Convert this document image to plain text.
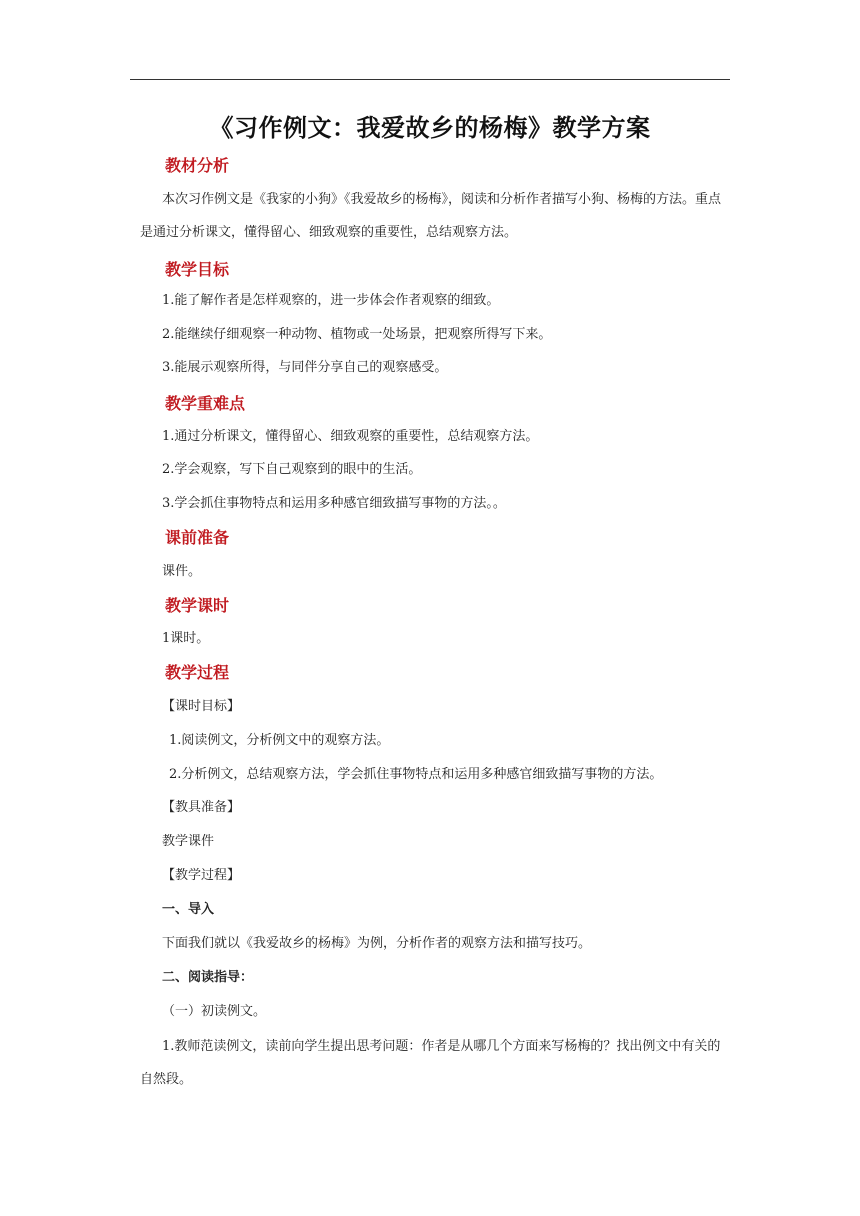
《习作例文：我爱故乡的杨梅》教学方案
教材分析
本次习作例文是《我家的小狗》《我爱故乡的杨梅》，阅读和分析作者描写小狗、杨梅的方法。重点是通过分析课文，懂得留心、细致观察的重要性，总结观察方法。
教学目标
1.能了解作者是怎样观察的，进一步体会作者观察的细致。
2.能继续仔细观察一种动物、植物或一处场景，把观察所得写下来。
3.能展示观察所得，与同伴分享自己的观察感受。
教学重难点
1.通过分析课文，懂得留心、细致观察的重要性，总结观察方法。
2.学会观察，写下自己观察到的眼中的生活。
3.学会抓住事物特点和运用多种感官细致描写事物的方法。。
课前准备
课件。
教学课时
1课时。
教学过程
【课时目标】
1.阅读例文，分析例文中的观察方法。
2.分析例文，总结观察方法，学会抓住事物特点和运用多种感官细致描写事物的方法。
【教具准备】
教学课件
【教学过程】
一、导入
下面我们就以《我爱故乡的杨梅》为例，分析作者的观察方法和描写技巧。
二、阅读指导：
（一）初读例文。
1.教师范读例文，读前向学生提出思考问题：作者是从哪几个方面来写杨梅的？找出例文中有关的自然段。
